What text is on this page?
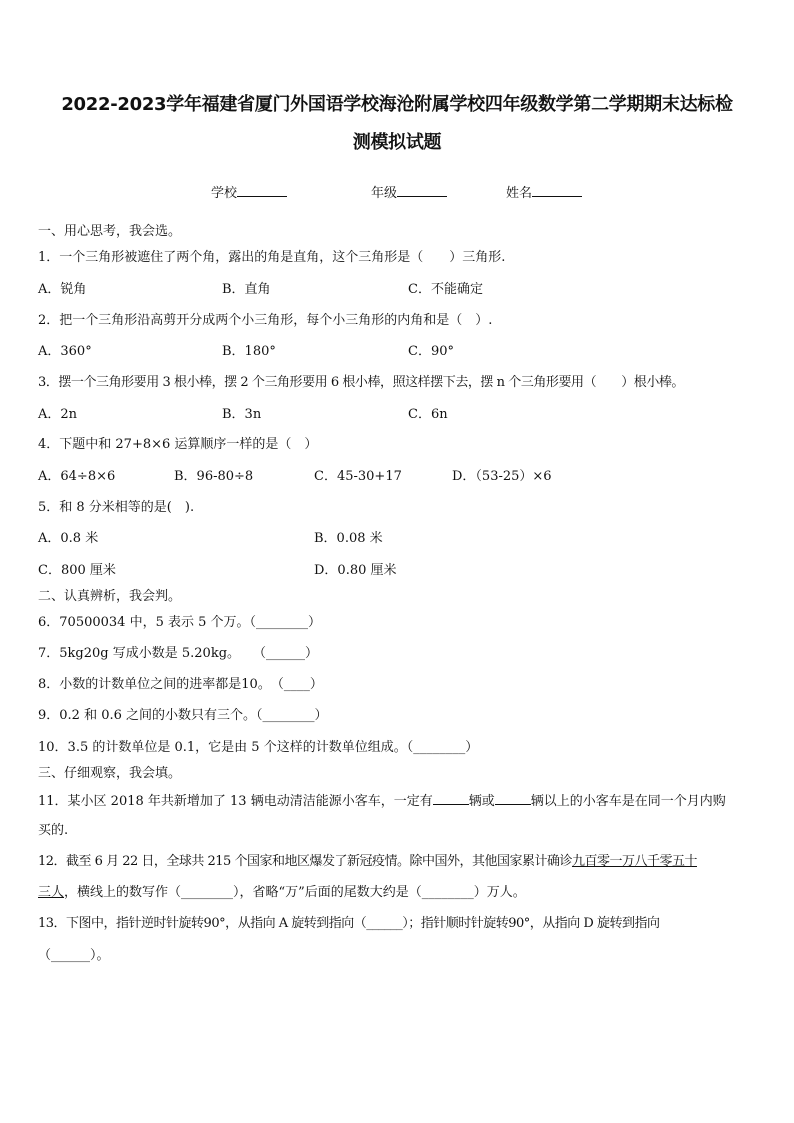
2022-2023学年福建省厦门外国语学校海沧附属学校四年级数学第二学期期末达标检
测模拟试题
学校	年级	姓名
一、用心思考，我会选。
1．一个三角形被遮住了两个角，露出的角是直角，这个三角形是（　　）三角形.
A．锐角	B．直角	C．不能确定
2．把一个三角形沿高剪开分成两个小三角形，每个小三角形的内角和是（　）.
A．360°	B．180°	C．90°
3．摆一个三角形要用 3 根小棒，摆 2 个三角形要用 6 根小棒，照这样摆下去，摆 n 个三角形要用（　　）根小棒。
A．2n	B．3n	C．6n
4．下题中和 27+8×6 运算顺序一样的是（　）
A．64÷8×6	B．96-80÷8	C．45-30+17	D．（53-25）×6
5．和 8 分米相等的是(　).
A．0.8 米	B．0.08 米
C．800 厘米	D．0.80 厘米
二、认真辨析，我会判。
6．70500034 中，5 表示 5 个万。（________）
7．5kg20g 写成小数是 5.20kg。　　（______）
8．小数的计数单位之间的进率都是10。　（____）
9．0.2 和 0.6 之间的小数只有三个。（________）
10．3.5 的计数单位是 0.1，它是由 5 个这样的计数单位组成。（________）
三、仔细观察，我会填。
11．某小区 2018 年共新增加了 13 辆电动清洁能源小客车，一定有	辆或	辆以上的小客车是在同一个月内购
买的.
12．截至 6 月 22 日，全球共 215 个国家和地区爆发了新冠疫情。除中国外，其他国家累计确诊九百零一万八千零五十
三人，横线上的数写作（________），省略“万”后面的尾数大约是（________）万人。
13．下图中，指针逆时针旋转90°，从指向 A 旋转到指向（______）；指针顺时针旋转90°，从指向 D 旋转到指向
（______）。
